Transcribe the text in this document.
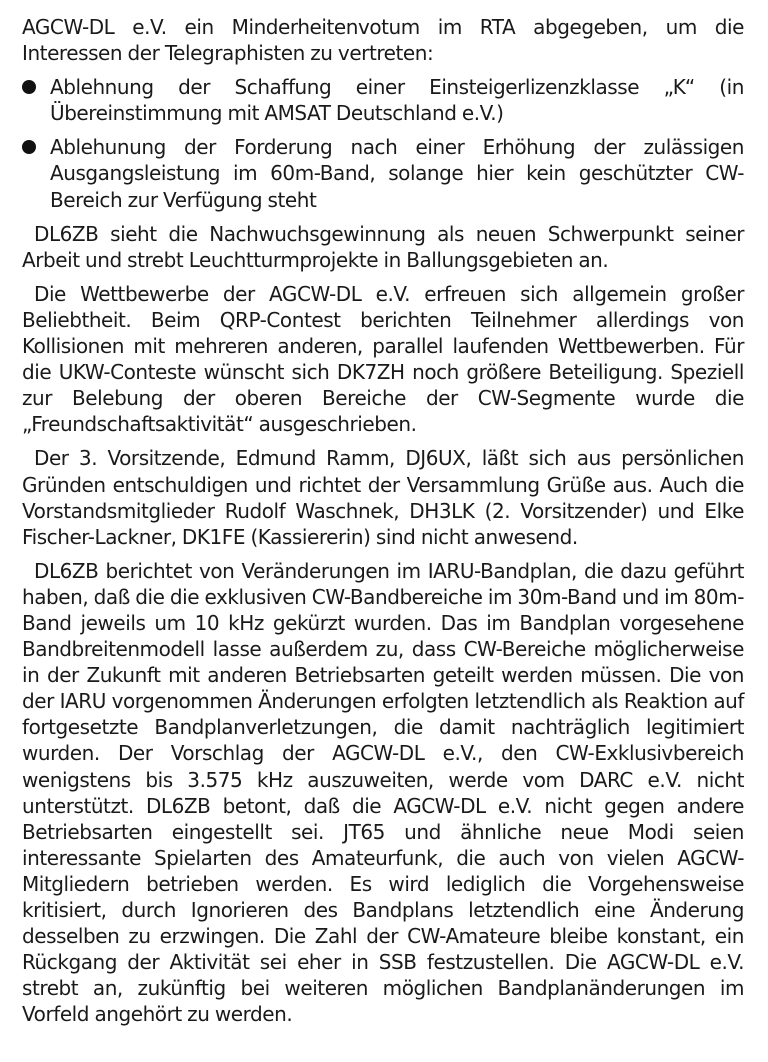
AGCW-DL e.V. ein Minderheitenvotum im RTA abgegeben, um die Interessen der Telegraphisten zu vertreten:

Ablehnung der Schaffung einer Einsteigerlizenzklasse „K“ (in Übereinstimmung mit AMSAT Deutschland e.V.)
Ablehunung der Forderung nach einer Erhöhung der zulässigen Ausgangsleistung im 60m-Band, solange hier kein geschützter CW-Bereich zur Verfügung steht

DL6ZB sieht die Nachwuchsgewinnung als neuen Schwerpunkt seiner Arbeit und strebt Leuchtturmprojekte in Ballungsgebieten an.

Die Wettbewerbe der AGCW-DL e.V. erfreuen sich allgemein großer Beliebtheit. Beim QRP-Contest berichten Teilnehmer allerdings von Kollisionen mit mehreren anderen, parallel laufenden Wettbewerben. Für die UKW-Conteste wünscht sich DK7ZH noch größere Beteiligung. Speziell zur Belebung der oberen Bereiche der CW-Segmente wurde die „Freundschaftsaktivität“ ausgeschrieben.

Der 3. Vorsitzende, Edmund Ramm, DJ6UX, läßt sich aus persönlichen Gründen entschuldigen und richtet der Versammlung Grüße aus. Auch die Vorstandsmitglieder Rudolf Waschnek, DH3LK (2. Vorsitzender) und Elke Fischer-Lackner, DK1FE (Kassiererin) sind nicht anwesend.

DL6ZB berichtet von Veränderungen im IARU-Bandplan, die dazu geführt haben, daß die die exklusiven CW-Bandbereiche im 30m-Band und im 80m-Band jeweils um 10 kHz gekürzt wurden. Das im Bandplan vorgesehene Bandbreitenmodell lasse außerdem zu, dass CW-Bereiche möglicherweise in der Zukunft mit anderen Betriebsarten geteilt werden müssen. Die von der IARU vorgenommen Änderungen erfolgten letztendlich als Reaktion auf fortgesetzte Bandplanverletzungen, die damit nachträglich legitimiert wurden. Der Vorschlag der AGCW-DL e.V., den CW-Exklusivbereich wenigstens bis 3.575 kHz auszuweiten, werde vom DARC e.V. nicht unterstützt. DL6ZB betont, daß die AGCW-DL e.V. nicht gegen andere Betriebsarten eingestellt sei. JT65 und ähnliche neue Modi seien interessante Spielarten des Amateurfunk, die auch von vielen AGCW-Mitgliedern betrieben werden. Es wird lediglich die Vorgehensweise kritisiert, durch Ignorieren des Bandplans letztendlich eine Änderung desselben zu erzwingen. Die Zahl der CW-Amateure bleibe konstant, ein Rückgang der Aktivität sei eher in SSB festzustellen. Die AGCW-DL e.V. strebt an, zukünftig bei weiteren möglichen Bandplanänderungen im Vorfeld angehört zu werden.
